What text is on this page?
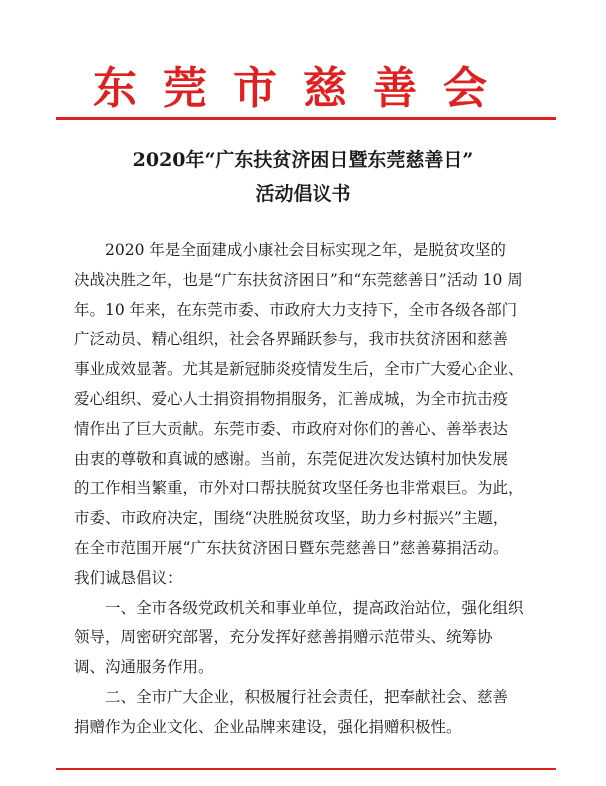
东莞市慈善会
2020年“广东扶贫济困日暨东莞慈善日”
活动倡议书

2020 年是全面建成小康社会目标实现之年，是脱贫攻坚的
决战决胜之年，也是“广东扶贫济困日”和“东莞慈善日”活动 10 周
年。10 年来，在东莞市委、市政府大力支持下，全市各级各部门
广泛动员、精心组织，社会各界踊跃参与，我市扶贫济困和慈善
事业成效显著。尤其是新冠肺炎疫情发生后，全市广大爱心企业、
爱心组织、爱心人士捐资捐物捐服务，汇善成城，为全市抗击疫
情作出了巨大贡献。东莞市委、市政府对你们的善心、善举表达
由衷的尊敬和真诚的感谢。当前，东莞促进次发达镇村加快发展
的工作相当繁重，市外对口帮扶脱贫攻坚任务也非常艰巨。为此，
市委、市政府决定，围绕“决胜脱贫攻坚，助力乡村振兴”主题，
在全市范围开展“广东扶贫济困日暨东莞慈善日”慈善募捐活动。
我们诚恳倡议：

一、全市各级党政机关和事业单位，提高政治站位，强化组织
领导，周密研究部署，充分发挥好慈善捐赠示范带头、统筹协
调、沟通服务作用。

二、全市广大企业，积极履行社会责任，把奉献社会、慈善
捐赠作为企业文化、企业品牌来建设，强化捐赠积极性。
